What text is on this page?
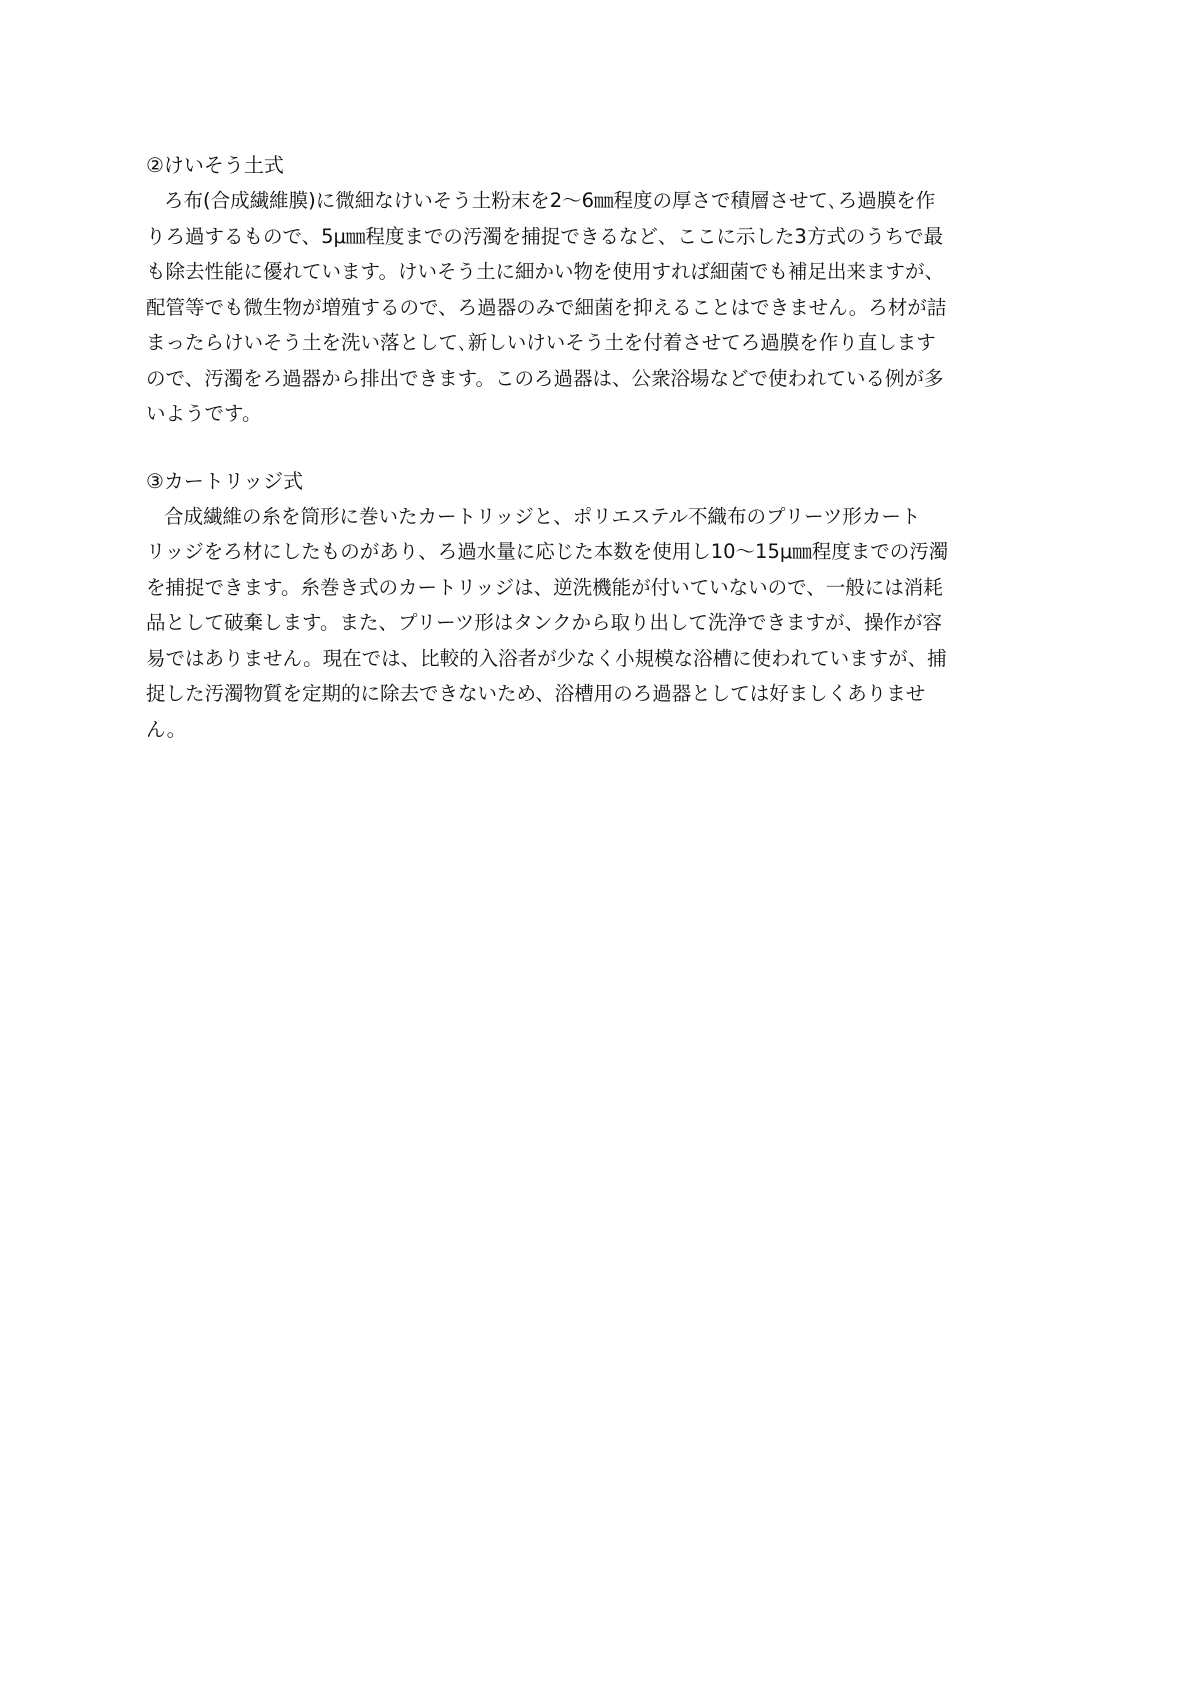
②けいそう土式

ろ布(合成繊維膜)に微細なけいそう土粉末を2～6㎜程度の厚さで積層させて､ろ過膜を作
りろ過するもので、5μ㎜程度までの汚濁を捕捉できるなど、ここに示した3方式のうちで最
も除去性能に優れています。けいそう土に細かい物を使用すれば細菌でも補足出来ますが、
配管等でも微生物が増殖するので、ろ過器のみで細菌を抑えることはできません。ろ材が詰
まったらけいそう土を洗い落として､新しいけいそう土を付着させてろ過膜を作り直します
ので、汚濁をろ過器から排出できます。このろ過器は、公衆浴場などで使われている例が多
いようです。

③カートリッジ式

合成繊維の糸を筒形に巻いたカートリッジと、ポリエステル不織布のプリーツ形カート
リッジをろ材にしたものがあり、ろ過水量に応じた本数を使用し10～15μ㎜程度までの汚濁
を捕捉できます。糸巻き式のカートリッジは、逆洗機能が付いていないので、一般には消耗
品として破棄します。また、プリーツ形はタンクから取り出して洗浄できますが、操作が容
易ではありません。現在では、比較的入浴者が少なく小規模な浴槽に使われていますが、捕
捉した汚濁物質を定期的に除去できないため、浴槽用のろ過器としては好ましくありませ
ん。
